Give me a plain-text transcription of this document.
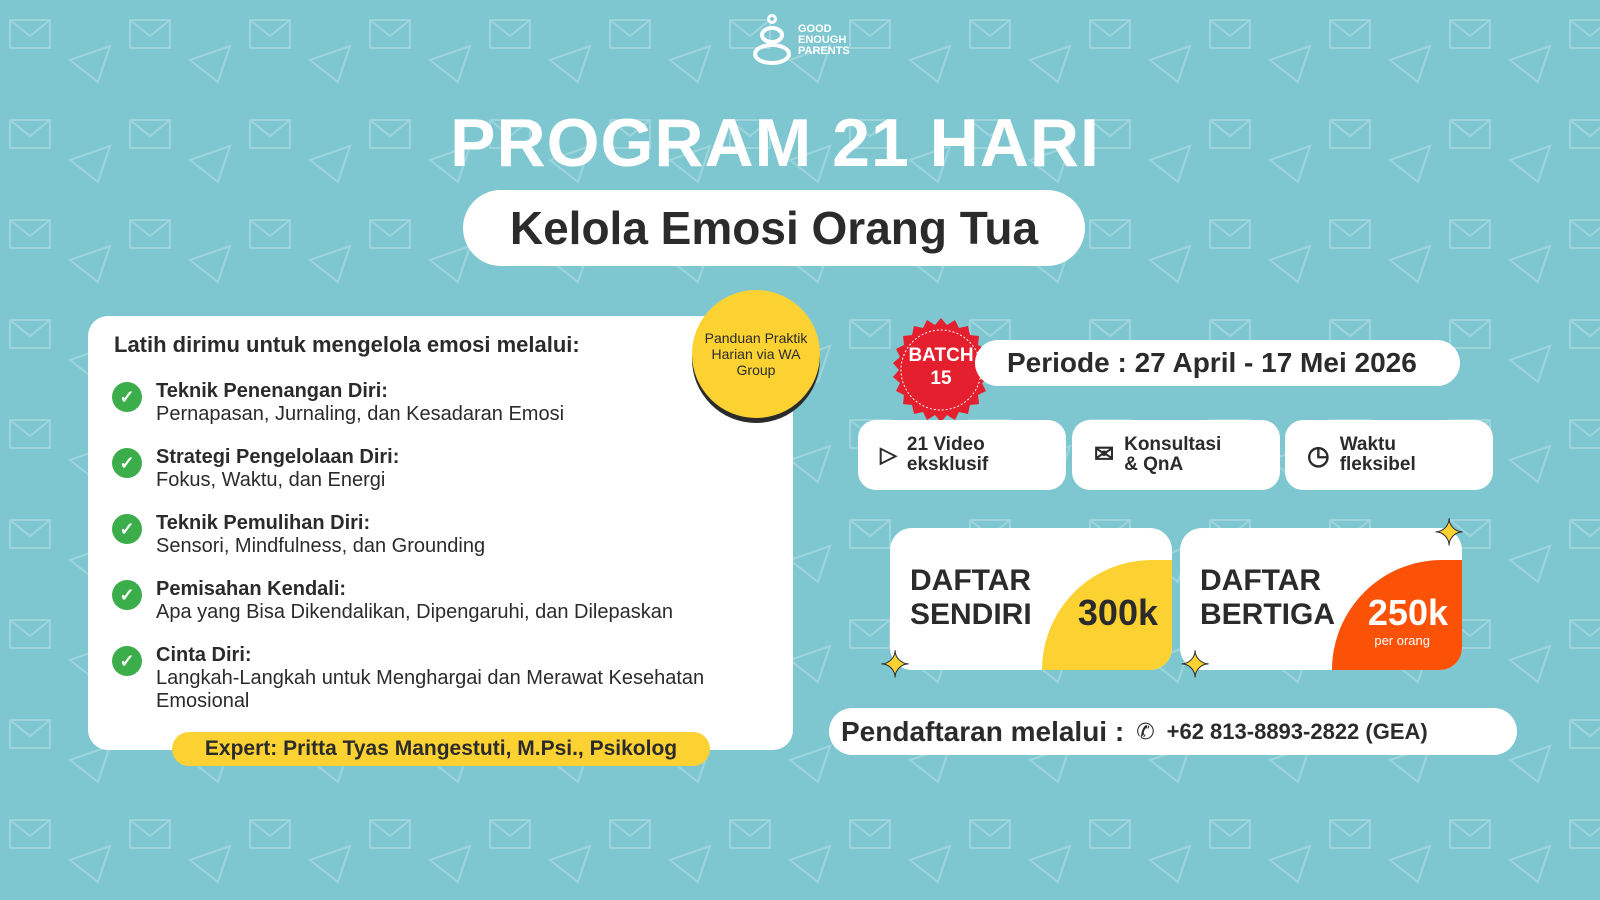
GOOD
ENOUGH
PARENTS
PROGRAM 21 HARI
Kelola Emosi Orang Tua
Latih dirimu untuk mengelola emosi melalui:
✓	Teknik Penenangan Diri:
Pernapasan, Jurnaling, dan Kesadaran Emosi
✓	Strategi Pengelolaan Diri:
Fokus, Waktu, dan Energi
✓	Teknik Pemulihan Diri:
Sensori, Mindfulness, dan Grounding
✓	Pemisahan Kendali:
Apa yang Bisa Dikendalikan, Dipengaruhi, dan Dilepaskan
✓	Cinta Diri:
Langkah-Langkah untuk Menghargai dan Merawat Kesehatan Emosional
Panduan Praktik Harian via WA Group
Expert: Pritta Tyas Mangestuti, M.Psi., Psikolog
BATCH
15
Periode : 27 April - 17 Mei 2026
▷ 21 Video eksklusif	✉ Konsultasi & QnA	◷ Waktu fleksibel
DAFTAR
SENDIRI 300k
DAFTAR
BERTIGA 250k
per orang
✦	✦
✦
Pendaftaran melalui : ✆ +62 813-8893-2822 (GEA)
